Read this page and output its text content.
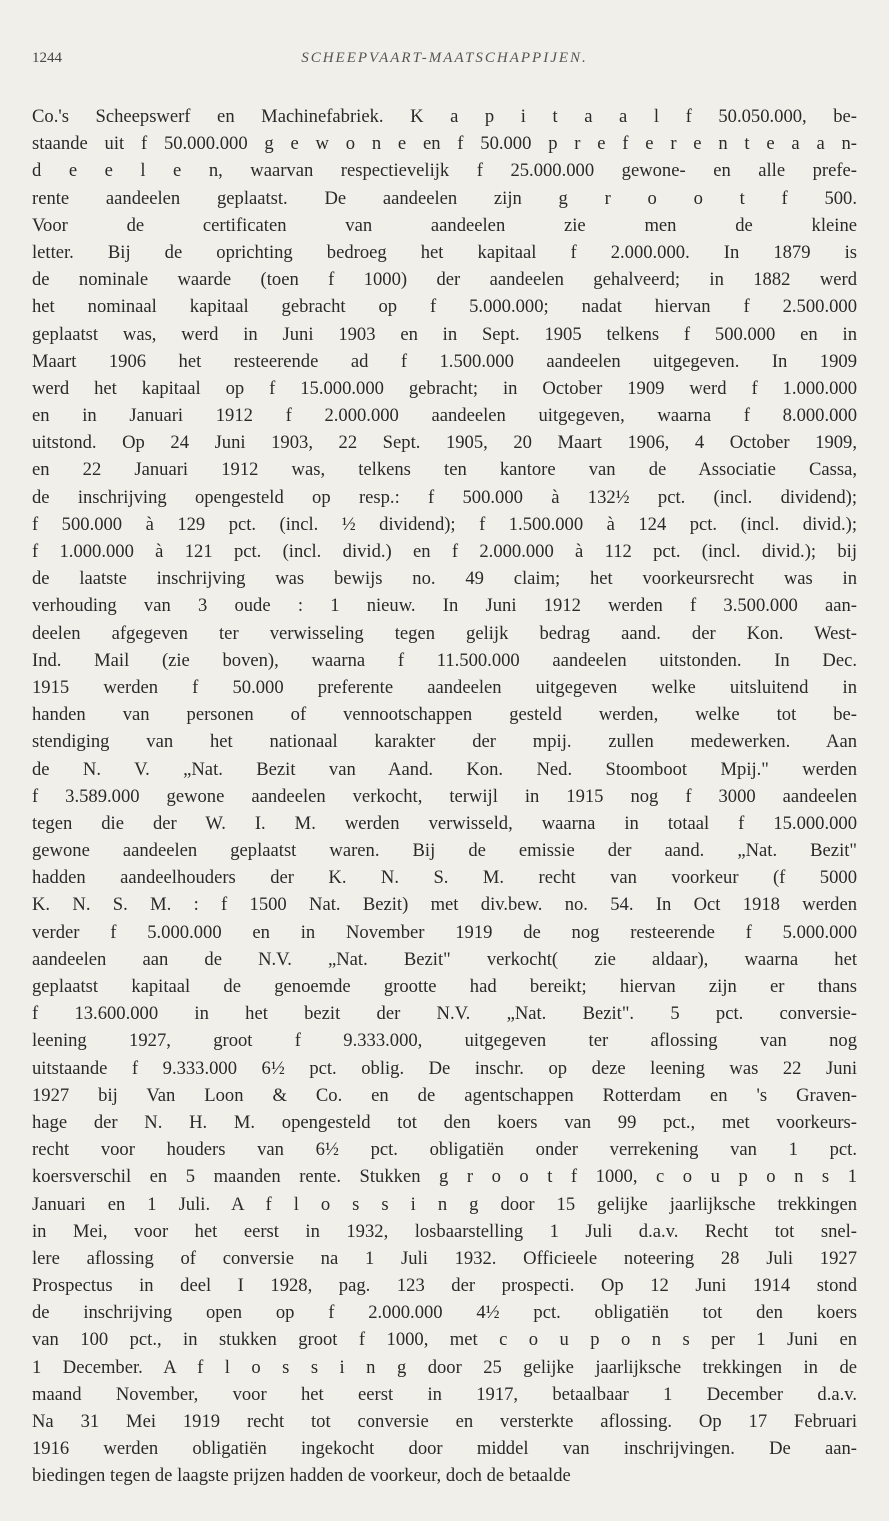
1244	SCHEEPVAART-MAATSCHAPPIJEN.
Co.'s Scheepswerf en Machinefabriek. K a p i t a a l f 50.050.000, be-
staande uit f 50.000.000 g e w o n e en f 50.000 p r e f e r e n t e a a n-
d e e l e n, waarvan respectievelijk f 25.000.000 gewone- en alle prefe-
rente aandeelen geplaatst. De aandeelen zijn g r o o t f 500.
Voor de certificaten van aandeelen zie men de kleine
letter. Bij de oprichting bedroeg het kapitaal f 2.000.000. In 1879 is
de nominale waarde (toen f 1000) der aandeelen gehalveerd; in 1882 werd
het nominaal kapitaal gebracht op f 5.000.000; nadat hiervan f 2.500.000
geplaatst was, werd in Juni 1903 en in Sept. 1905 telkens f 500.000 en in
Maart 1906 het resteerende ad f 1.500.000 aandeelen uitgegeven. In 1909
werd het kapitaal op f 15.000.000 gebracht; in October 1909 werd f 1.000.000
en in Januari 1912 f 2.000.000 aandeelen uitgegeven, waarna f 8.000.000
uitstond. Op 24 Juni 1903, 22 Sept. 1905, 20 Maart 1906, 4 October 1909,
en 22 Januari 1912 was, telkens ten kantore van de Associatie Cassa,
de inschrijving opengesteld op resp.: f 500.000 à 132½ pct. (incl. dividend);
f 500.000 à 129 pct. (incl. ½ dividend); f 1.500.000 à 124 pct. (incl. divid.);
f 1.000.000 à 121 pct. (incl. divid.) en f 2.000.000 à 112 pct. (incl. divid.); bij
de laatste inschrijving was bewijs no. 49 claim; het voorkeursrecht was in
verhouding van 3 oude : 1 nieuw. In Juni 1912 werden f 3.500.000 aan-
deelen afgegeven ter verwisseling tegen gelijk bedrag aand. der Kon. West-
Ind. Mail (zie boven), waarna f 11.500.000 aandeelen uitstonden. In Dec.
1915 werden f 50.000 preferente aandeelen uitgegeven welke uitsluitend in
handen van personen of vennootschappen gesteld werden, welke tot be-
stendiging van het nationaal karakter der mpij. zullen medewerken. Aan
de N. V. „Nat. Bezit van Aand. Kon. Ned. Stoomboot Mpij." werden
f 3.589.000 gewone aandeelen verkocht, terwijl in 1915 nog f 3000 aandeelen
tegen die der W. I. M. werden verwisseld, waarna in totaal f 15.000.000
gewone aandeelen geplaatst waren. Bij de emissie der aand. „Nat. Bezit"
hadden aandeelhouders der K. N. S. M. recht van voorkeur (f 5000
K. N. S. M. : f 1500 Nat. Bezit) met div.bew. no. 54. In Oct 1918 werden
verder f 5.000.000 en in November 1919 de nog resteerende f 5.000.000
aandeelen aan de N.V. „Nat. Bezit" verkocht( zie aldaar), waarna het
geplaatst kapitaal de genoemde grootte had bereikt; hiervan zijn er thans
f 13.600.000 in het bezit der N.V. „Nat. Bezit". 5 pct. conversie-
leening 1927, groot f 9.333.000, uitgegeven ter aflossing van nog
uitstaande f 9.333.000 6½ pct. oblig. De inschr. op deze leening was 22 Juni
1927 bij Van Loon & Co. en de agentschappen Rotterdam en 's Graven-
hage der N. H. M. opengesteld tot den koers van 99 pct., met voorkeurs-
recht voor houders van 6½ pct. obligatiën onder verrekening van 1 pct.
koersverschil en 5 maanden rente. Stukken g r o o t f 1000, c o u p o n s 1
Januari en 1 Juli. A f l o s s i n g door 15 gelijke jaarlijksche trekkingen
in Mei, voor het eerst in 1932, losbaarstelling 1 Juli d.a.v. Recht tot snel-
lere aflossing of conversie na 1 Juli 1932. Officieele noteering 28 Juli 1927
Prospectus in deel I 1928, pag. 123 der prospecti. Op 12 Juni 1914 stond
de inschrijving open op f 2.000.000 4½ pct. obligatiën tot den koers
van 100 pct., in stukken groot f 1000, met c o u p o n s per 1 Juni en
1 December. A f l o s s i n g door 25 gelijke jaarlijksche trekkingen in de
maand November, voor het eerst in 1917, betaalbaar 1 December d.a.v.
Na 31 Mei 1919 recht tot conversie en versterkte aflossing. Op 17 Februari
1916 werden obligatiën ingekocht door middel van inschrijvingen. De aan-
biedingen tegen de laagste prijzen hadden de voorkeur, doch de betaalde
